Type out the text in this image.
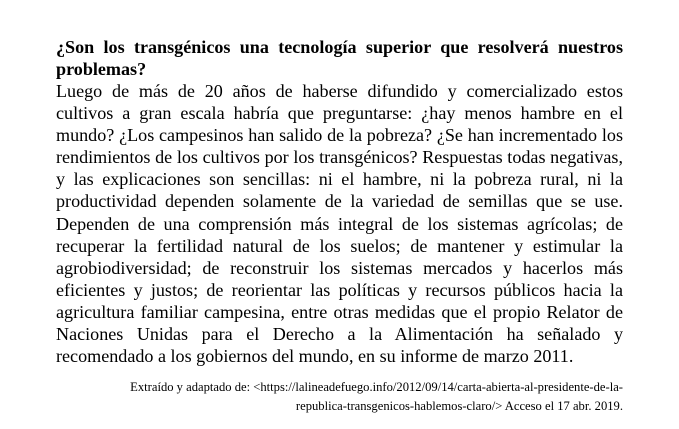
¿Son los transgénicos una tecnología superior que resolverá nuestros problemas?

Luego de más de 20 años de haberse difundido y comercializado estos cultivos a gran escala habría que preguntarse: ¿hay menos hambre en el mundo? ¿Los campesinos han salido de la pobreza? ¿Se han incrementado los rendimientos de los cultivos por los transgénicos? Respuestas todas negativas, y las explicaciones son sencillas: ni el hambre, ni la pobreza rural, ni la productividad dependen solamente de la variedad de semillas que se use. Dependen de una comprensión más integral de los sistemas agrícolas; de recuperar la fertilidad natural de los suelos; de mantener y estimular la agrobiodiversidad; de reconstruir los sistemas mercados y hacerlos más eficientes y justos; de reorientar las políticas y recursos públicos hacia la agricultura familiar campesina, entre otras medidas que el propio Relator de Naciones Unidas para el Derecho a la Alimentación ha señalado y recomendado a los gobiernos del mundo, en su informe de marzo 2011.

Extraído y adaptado de: <https://lalineadefuego.info/2012/09/14/carta-abierta-al-presidente-de-la-
republica-transgenicos-hablemos-claro/> Acceso el 17 abr. 2019.
